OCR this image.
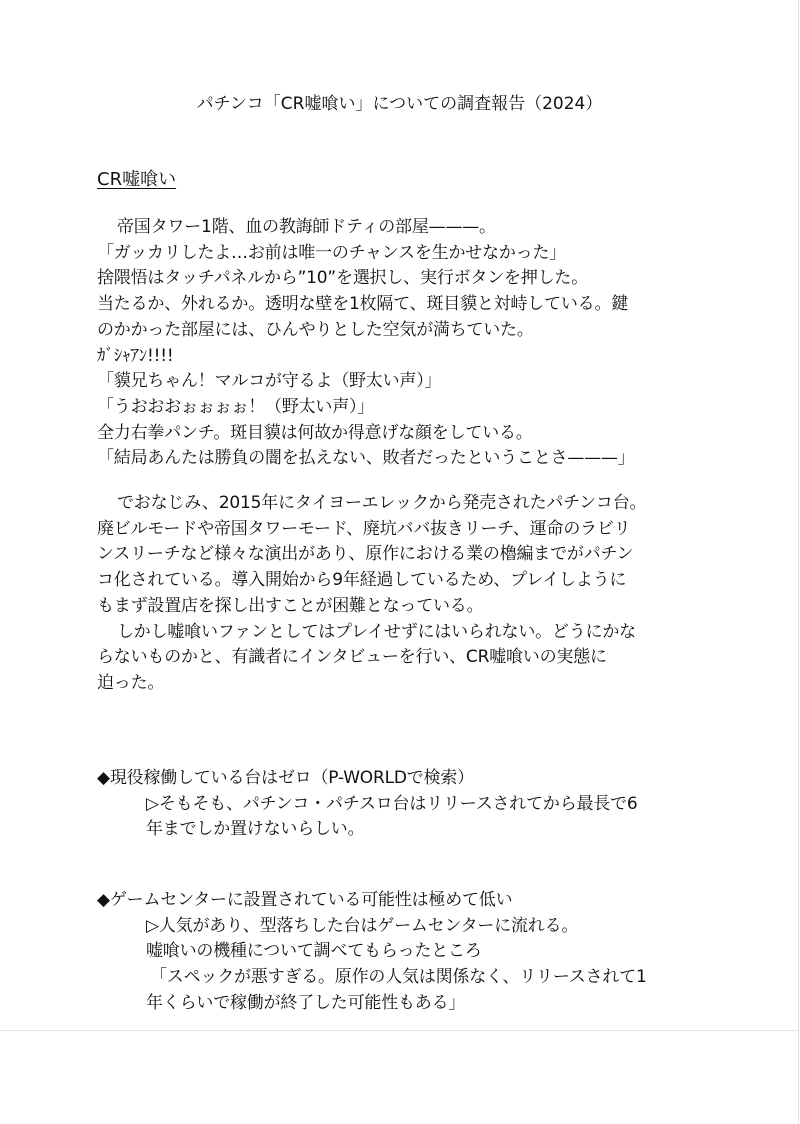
パチンコ「CR嘘喰い」についての調査報告（2024）
CR嘘喰い
帝国タワー1階、血の教誨師ドティの部屋———。
「ガッカリしたよ…お前は唯一のチャンスを生かせなかった」
捨隈悟はタッチパネルから”10”を選択し、実行ボタンを押した。
当たるか、外れるか。透明な壁を1枚隔て、斑目貘と対峙している。鍵
のかかった部屋には、ひんやりとした空気が満ちていた。
ｶﾞｼｬｱﾝ!!!!
「貘兄ちゃん！マルコが守るよ（野太い声）」
「うおおおぉぉぉぉ！（野太い声）」
全力右拳パンチ。斑目貘は何故か得意げな顔をしている。
「結局あんたは勝負の闇を払えない、敗者だったということさ———」
でおなじみ、2015年にタイヨーエレックから発売されたパチンコ台。
廃ビルモードや帝国タワーモード、廃坑ババ抜きリーチ、運命のラビリ
ンスリーチなど様々な演出があり、原作における業の櫓編までがパチン
コ化されている。導入開始から9年経過しているため、プレイしように
もまず設置店を探し出すことが困難となっている。
しかし嘘喰いファンとしてはプレイせずにはいられない。どうにかな
らないものかと、有識者にインタビューを行い、CR嘘喰いの実態に
迫った。
◆現役稼働している台はゼロ（P-WORLDで検索）
▷そもそも、パチンコ・パチスロ台はリリースされてから最長で6
年までしか置けないらしい。
◆ゲームセンターに設置されている可能性は極めて低い
▷人気があり、型落ちした台はゲームセンターに流れる。
嘘喰いの機種について調べてもらったところ
「スペックが悪すぎる。原作の人気は関係なく、リリースされて1
年くらいで稼働が終了した可能性もある」
